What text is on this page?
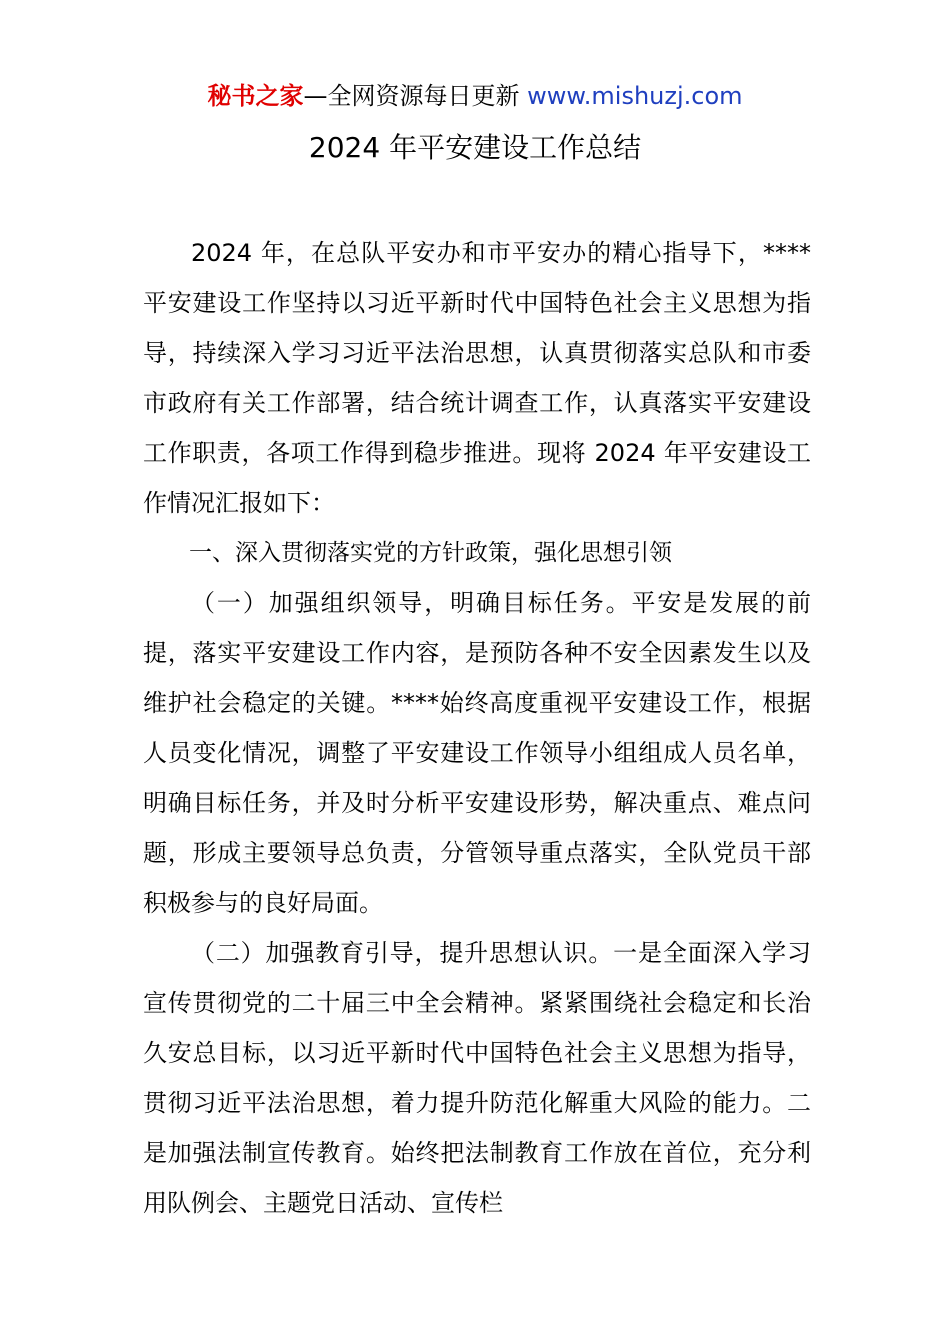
秘书之家—全网资源每日更新 www.mishuzj.com
2024 年平安建设工作总结

2024 年，在总队平安办和市平安办的精心指导下，****平安建设工作坚持以习近平新时代中国特色社会主义思想为指导，持续深入学习习近平法治思想，认真贯彻落实总队和市委市政府有关工作部署，结合统计调查工作，认真落实平安建设工作职责，各项工作得到稳步推进。现将 2024 年平安建设工作情况汇报如下：

一、深入贯彻落实党的方针政策，强化思想引领

（一）加强组织领导，明确目标任务。平安是发展的前提，落实平安建设工作内容，是预防各种不安全因素发生以及维护社会稳定的关键。****始终高度重视平安建设工作，根据人员变化情况，调整了平安建设工作领导小组组成人员名单，明确目标任务，并及时分析平安建设形势，解决重点、难点问题，形成主要领导总负责，分管领导重点落实，全队党员干部积极参与的良好局面。

（二）加强教育引导，提升思想认识。一是全面深入学习宣传贯彻党的二十届三中全会精神。紧紧围绕社会稳定和长治久安总目标，以习近平新时代中国特色社会主义思想为指导，贯彻习近平法治思想，着力提升防范化解重大风险的能力。二是加强法制宣传教育。始终把法制教育工作放在首位，充分利用队例会、主题党日活动、宣传栏
